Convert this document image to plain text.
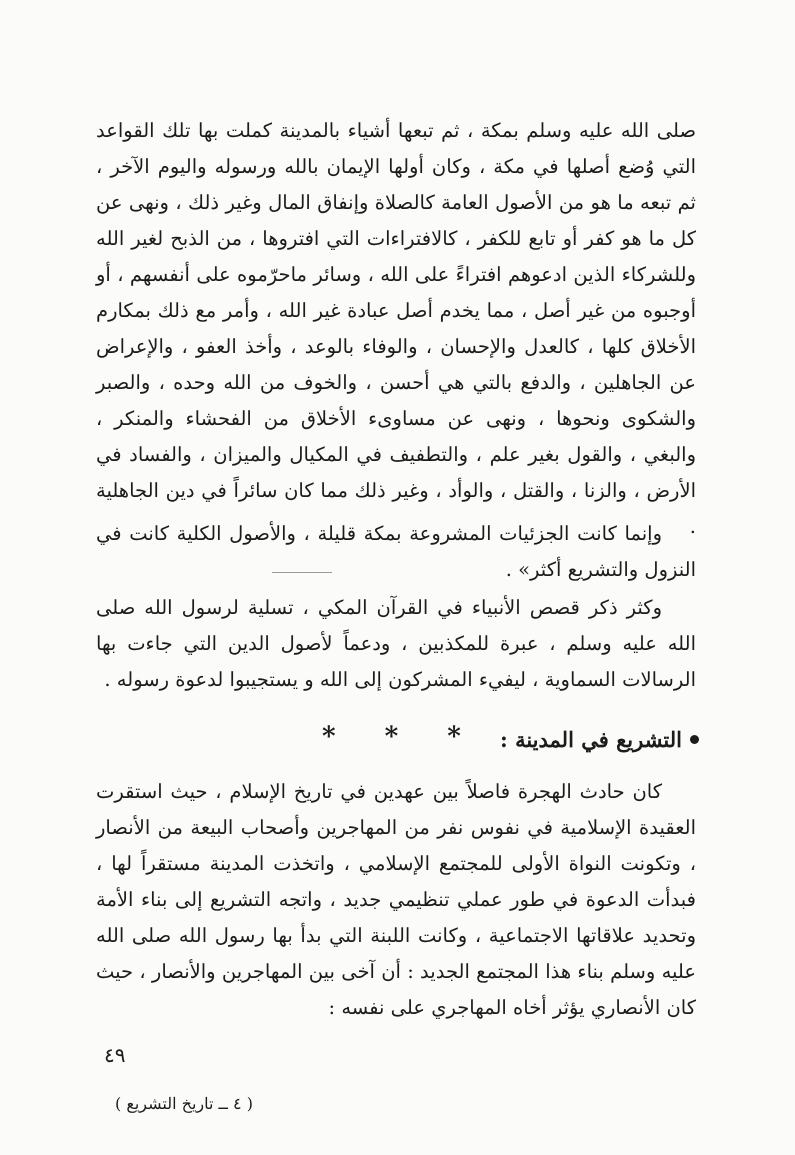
صلى الله عليه وسلم بمكة ، ثم تبعها أشياء بالمدينة كملت بها تلك القواعد التي وُضع أصلها في مكة ، وكان أولها الإيمان بالله ورسوله واليوم الآخر ، ثم تبعه ما هو من الأصول العامة كالصلاة وإنفاق المال وغير ذلك ، ونهى عن كل ما هو كفر أو تابع للكفر ، كالافتراءات التي افتروها ، من الذبح لغير الله وللشركاء الذين ادعوهم افتراءً على الله ، وسائر ماحرّموه على أنفسهم ، أو أوجبوه من غير أصل ، مما يخدم أصل عبادة غير الله ، وأمر مع ذلك بمكارم الأخلاق كلها ، كالعدل والإحسان ، والوفاء بالوعد ، وأخذ العفو ، والإعراض عن الجاهلين ، والدفع بالتي هي أحسن ، والخوف من الله وحده ، والصبر والشكوى ونحوها ، ونهى عن مساوىء الأخلاق من الفحشاء والمنكر ، والبغي ، والقول بغير علم ، والتطفيف في المكيال والميزان ، والفساد في الأرض ، والزنا ، والقتل ، والوأد ، وغير ذلك مما كان سائراً في دين الجاهلية .

وإنما كانت الجزئيات المشروعة بمكة قليلة ، والأصول الكلية كانت في النزول والتشريع أكثر» .

وكثر ذكر قصص الأنبياء في القرآن المكي ، تسلية لرسول الله صلى الله عليه وسلم ، عبرة للمكذبين ، ودعماً لأصول الدين التي جاءت بها الرسالات السماوية ، ليفيء المشركون إلى الله و يستجيبوا لدعوة رسوله .

التشريع في المدينة :
* * *

كان حادث الهجرة فاصلاً بين عهدين في تاريخ الإسلام ، حيث استقرت العقيدة الإسلامية في نفوس نفر من المهاجرين وأصحاب البيعة من الأنصار ، وتكونت النواة الأولى للمجتمع الإسلامي ، واتخذت المدينة مستقراً لها ، فبدأت الدعوة في طور عملي تنظيمي جديد ، واتجه التشريع إلى بناء الأمة وتحديد علاقاتها الاجتماعية ، وكانت اللبنة التي بدأ بها رسول الله صلى الله عليه وسلم بناء هذا المجتمع الجديد : أن آخى بين المهاجرين والأنصار ، حيث كان الأنصاري يؤثر أخاه المهاجري على نفسه :

٤٩
( ٤ ــ تاريخ التشريع )
